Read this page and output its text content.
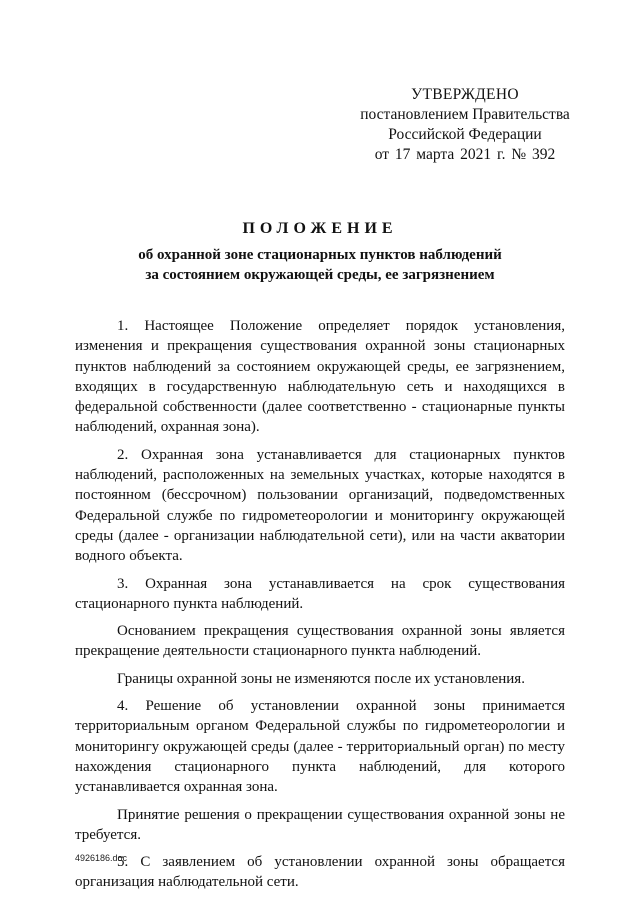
УТВЕРЖДЕНО
постановлением Правительства
Российской Федерации
от 17 марта 2021 г. № 392
ПОЛОЖЕНИЕ
об охранной зоне стационарных пунктов наблюдений
за состоянием окружающей среды, ее загрязнением

1. Настоящее Положение определяет порядок установления, изменения и прекращения существования охранной зоны стационарных пунктов наблюдений за состоянием окружающей среды, ее загрязнением, входящих в государственную наблюдательную сеть и находящихся в федеральной собственности (далее соответственно - стационарные пункты наблюдений, охранная зона).

2. Охранная зона устанавливается для стационарных пунктов наблюдений, расположенных на земельных участках, которые находятся в постоянном (бессрочном) пользовании организаций, подведомственных Федеральной службе по гидрометеорологии и мониторингу окружающей среды (далее - организации наблюдательной сети), или на части акватории водного объекта.

3. Охранная зона устанавливается на срок существования стационарного пункта наблюдений.

Основанием прекращения существования охранной зоны является прекращение деятельности стационарного пункта наблюдений.

Границы охранной зоны не изменяются после их установления.

4. Решение об установлении охранной зоны принимается территориальным органом Федеральной службы по гидрометеорологии и мониторингу окружающей среды (далее - территориальный орган) по месту нахождения стационарного пункта наблюдений, для которого устанавливается охранная зона.

Принятие решения о прекращении существования охранной зоны не требуется.

5. С заявлением об установлении охранной зоны обращается организация наблюдательной сети.

4926186.doc
